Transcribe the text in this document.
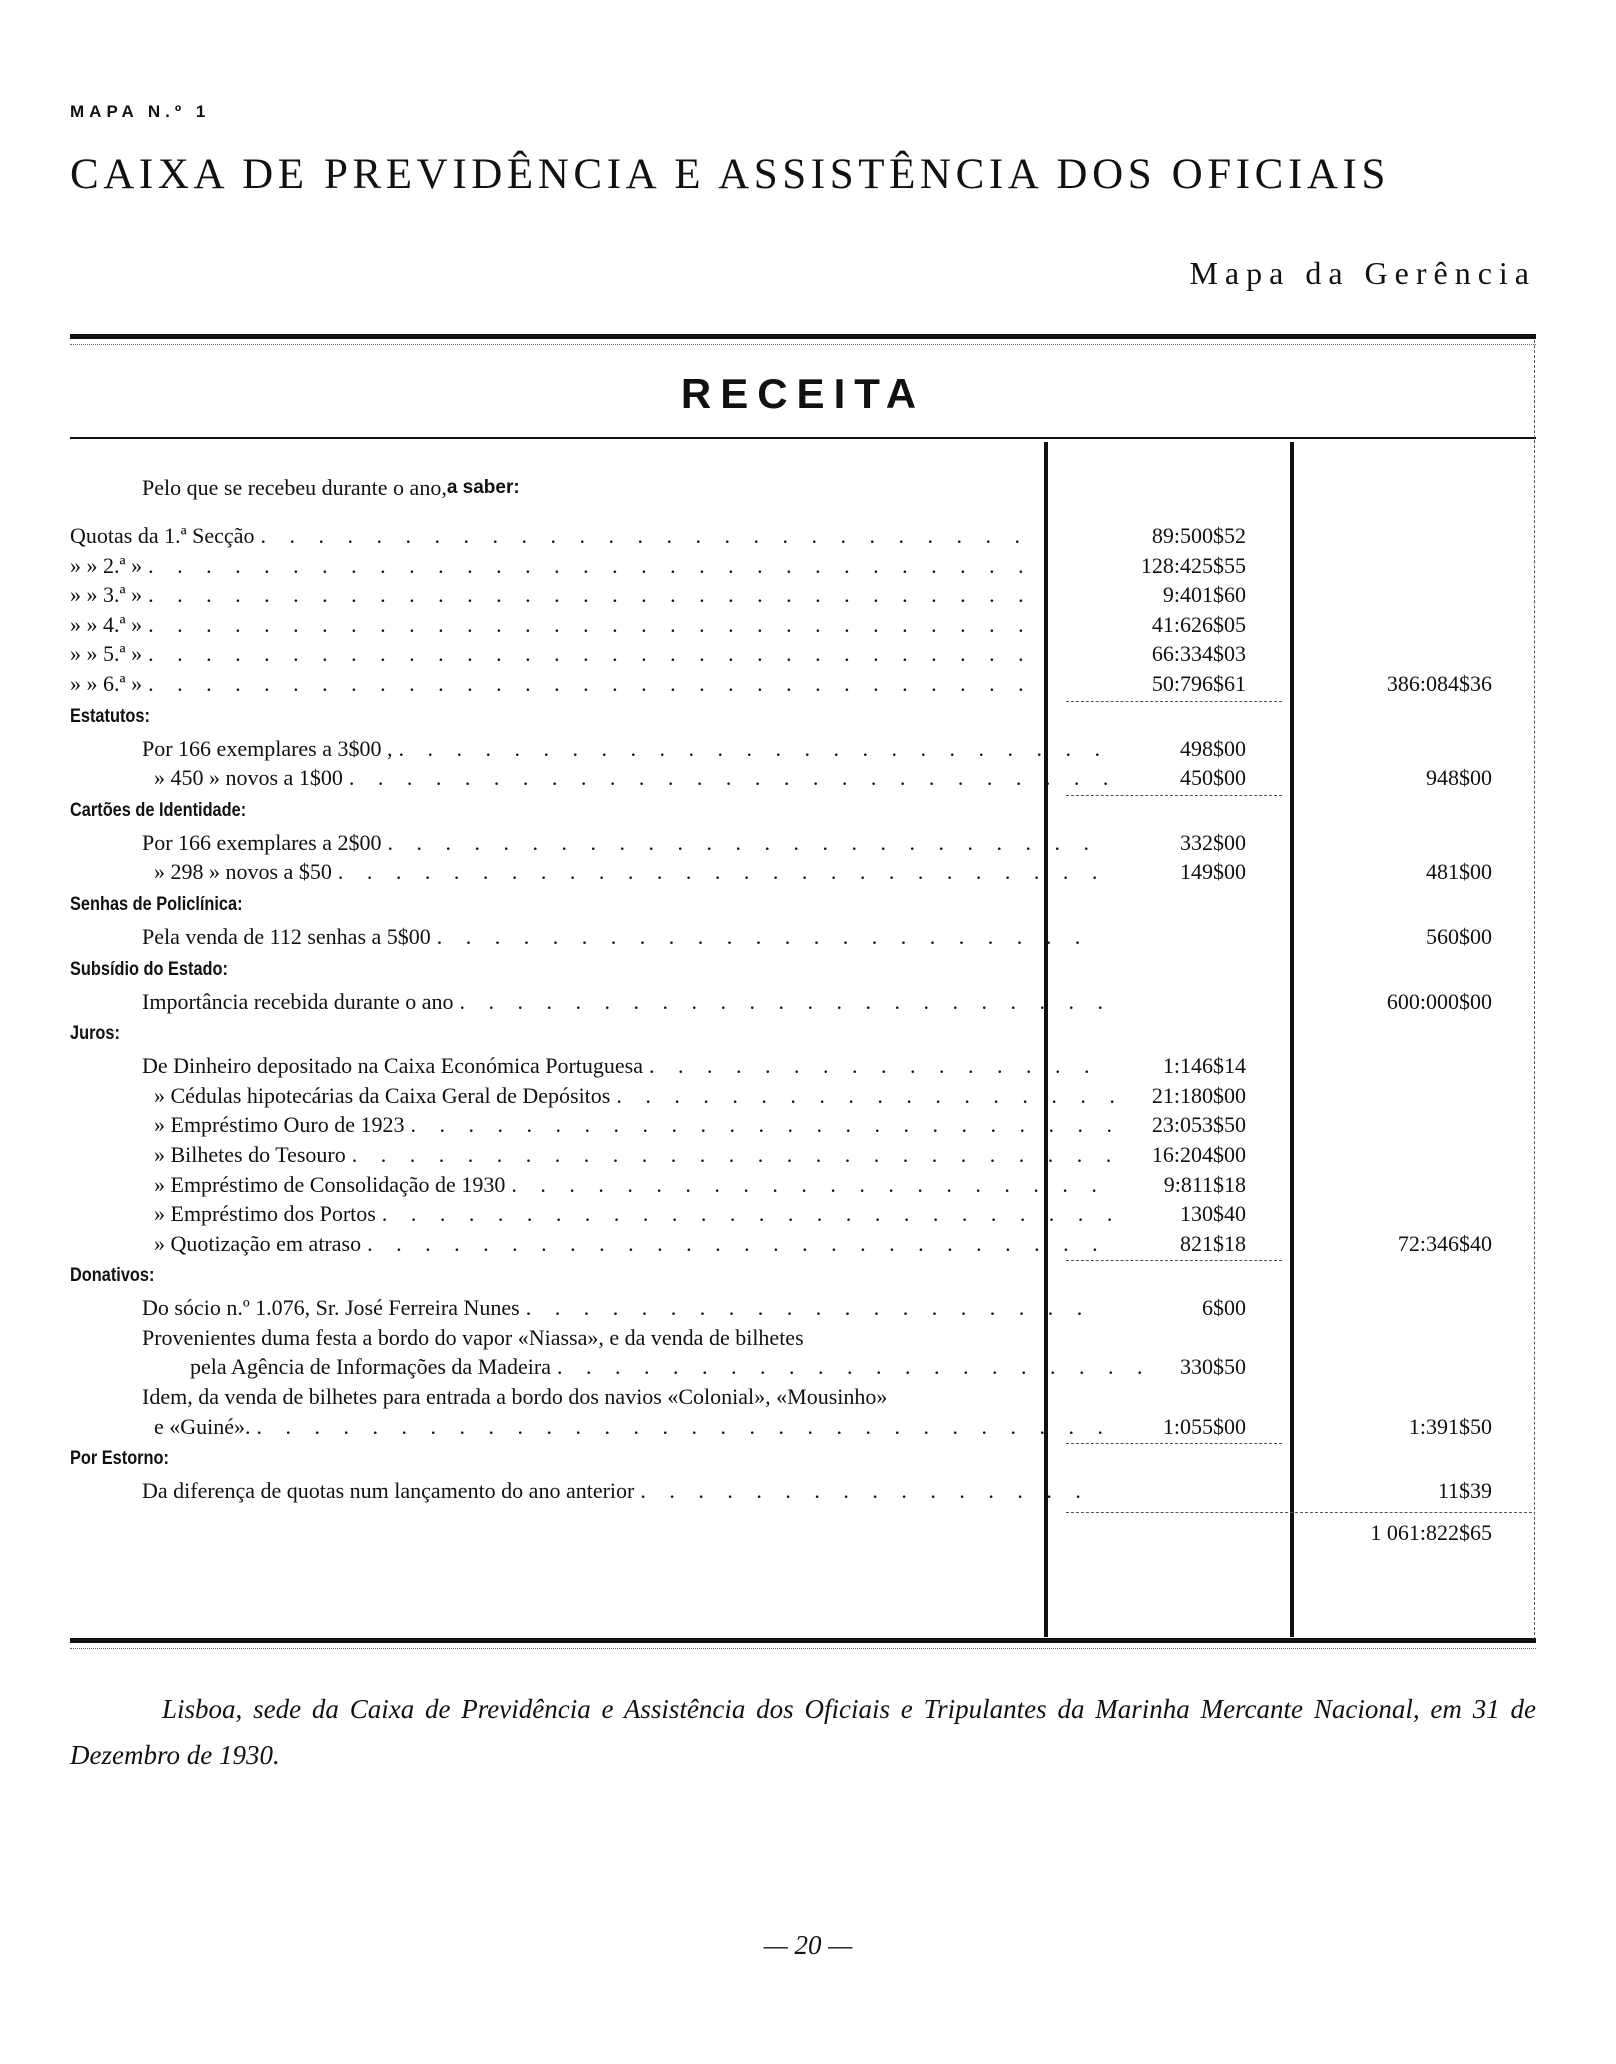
MAPA N.º 1
CAIXA DE PREVIDÊNCIA E ASSISTÊNCIA DOS OFICIAIS
Mapa da Gerência
RECEITA
Pelo que se recebeu durante o ano, a saber:
Quotas da 1.ª Secção . . .	89:500$52
» » 2.ª » . . .	128:425$55
» » 3.ª » . . .	9:401$60
» » 4.ª » . . .	41:626$05
» » 5.ª » . . .	66:334$03
» » 6.ª » . . .	50:796$61	386:084$36
Estatutos:
Por 166 exemplares a 3$00 , . . .	498$00
» 450 » novos a 1$00 . . .	450$00	948$00
Cartões de Identidade:
Por 166 exemplares a 2$00 . . .	332$00
» 298 » novos a $50 . . .	149$00	481$00
Senhas de Policlínica:
Pela venda de 112 senhas a 5$00 . . .	560$00
Subsídio do Estado:
Importância recebida durante o ano . . .	600:000$00
Juros:
De Dinheiro depositado na Caixa Económica Portuguesa . . .	1:146$14
» Cédulas hipotecárias da Caixa Geral de Depósitos . . .	21:180$00
» Empréstimo Ouro de 1923 . . .	23:053$50
» Bilhetes do Tesouro . . .	16:204$00
» Empréstimo de Consolidação de 1930 . . .	9:811$18
» Empréstimo dos Portos . . .	130$40
» Quotização em atraso . . .	821$18	72:346$40
Donativos:
Do sócio n.º 1.076, Sr. José Ferreira Nunes . . .	6$00
Provenientes duma festa a bordo do vapor «Niassa», e da venda de bilhetes
pela Agência de Informações da Madeira . . .	330$50
Idem, da venda de bilhetes para entrada a bordo dos navios «Colonial», «Mousinho»
e «Guiné». . . .	1:055$00	1:391$50
Por Estorno:
Da diferença de quotas num lançamento do ano anterior . . .	11$39
1 061:822$65
Lisboa, sede da Caixa de Previdência e Assistência dos Oficiais e Tripulantes da Marinha Mercante Nacional, em 31 de Dezembro de 1930.
— 20 —
